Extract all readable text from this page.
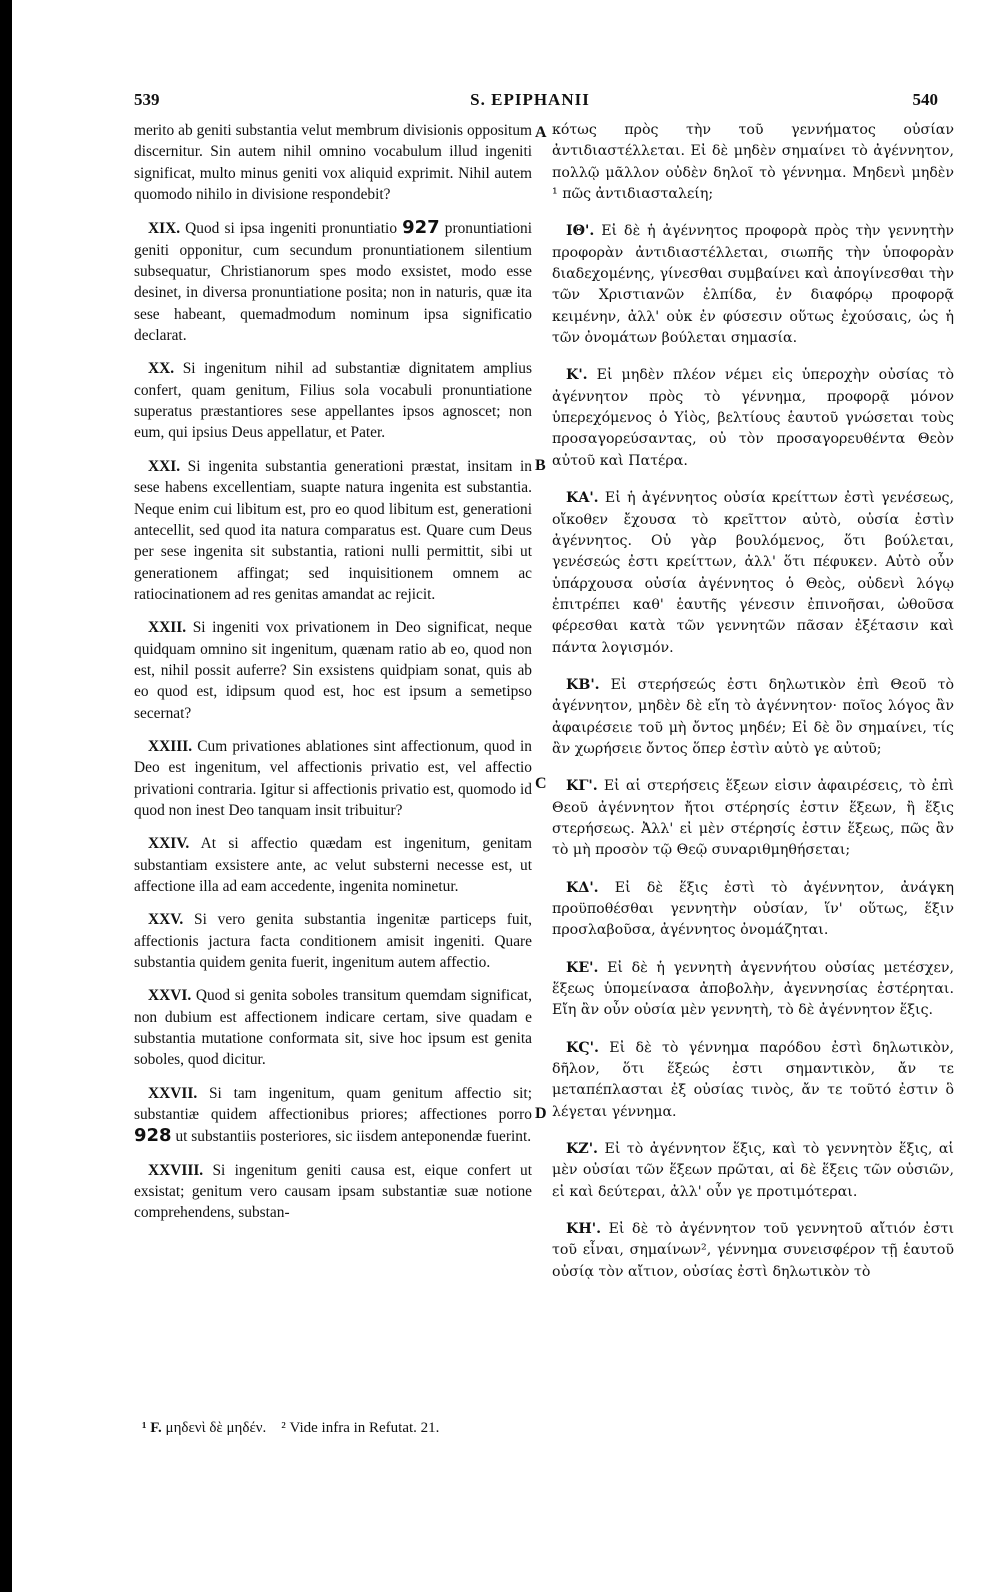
539	S. EPIPHANII	540

merito ab geniti substantia velut membrum divisionis oppositum discernitur. Sin autem nihil omnino vocabulum illud ingeniti significat, multo minus geniti vox aliquid exprimit. Nihil autem quomodo nihilo in divisione respondebit?

XIX. Quod si ipsa ingeniti pronuntiatio 927 pronuntiationi geniti opponitur, cum secundum pronuntiationem silentium subsequatur, Christianorum spes modo exsistet, modo esse desinet, in diversa pronuntiatione posita; non in naturis, quæ ita sese habeant, quemadmodum nominum ipsa significatio declarat.

XX. Si ingenitum nihil ad substantiæ dignitatem amplius confert, quam genitum, Filius sola vocabuli pronuntiatione superatus præstantiores sese appellantes ipsos agnoscet; non eum, qui ipsius Deus appellatur, et Pater.

XXI. Si ingenita substantia generationi præstat, insitam in sese habens excellentiam, suapte natura ingenita est substantia. Neque enim cui libitum est, pro eo quod libitum est, generationi antecellit, sed quod ita natura comparatus est. Quare cum Deus per sese ingenita sit substantia, rationi nulli permittit, sibi ut generationem affingat; sed inquisitionem omnem ac ratiocinationem ad res genitas amandat ac rejicit.

XXII. Si ingeniti vox privationem in Deo significat, neque quidquam omnino sit ingenitum, quænam ratio ab eo, quod non est, nihil possit auferre? Sin exsistens quidpiam sonat, quis ab eo quod est, idipsum quod est, hoc est ipsum a semetipso secernat?

XXIII. Cum privationes ablationes sint affectionum, quod in Deo est ingenitum, vel affectionis privatio est, vel affectio privationi contraria. Igitur si affectionis privatio est, quomodo id quod non inest Deo tanquam insit tribuitur?

XXIV. At si affectio quædam est ingenitum, genitam substantiam exsistere ante, ac velut substerni necesse est, ut affectione illa ad eam accedente, ingenita nominetur.

XXV. Si vero genita substantia ingenitæ particeps fuit, affectionis jactura facta conditionem amisit ingeniti. Quare substantia quidem genita fuerit, ingenitum autem affectio.

XXVI. Quod si genita soboles transitum quemdam significat, non dubium est affectionem indicare certam, sive quadam e substantia mutatione conformata sit, sive hoc ipsum est genita soboles, quod dicitur.

XXVII. Si tam ingenitum, quam genitum affectio sit; substantiæ quidem affectionibus priores; affectiones porro 928 ut substantiis posteriores, sic iisdem anteponendæ fuerint.

XXVIII. Si ingenitum geniti causa est, eique confert ut exsistat; genitum vero causam ipsam substantiæ suæ notione comprehendens, substan-

A
B
C
D

κότως πρὸς τὴν τοῦ γεννήματος οὐσίαν ἀντιδιαστέλλεται. Εἰ δὲ μηδὲν σημαίνει τὸ ἀγέννητον, πολλῷ μᾶλλον οὐδὲν δηλοῖ τὸ γέννημα. Μηδενὶ μηδὲν ¹ πῶς ἀντιδιασταλείη;

ΙΘ'. Εἰ δὲ ἡ ἀγέννητος προφορὰ πρὸς τὴν γεννητὴν προφορὰν ἀντιδιαστέλλεται, σιωπῆς τὴν ὑποφορὰν διαδεχομένης, γίνεσθαι συμβαίνει καὶ ἀπογίνεσθαι τὴν τῶν Χριστιανῶν ἐλπίδα, ἐν διαφόρῳ προφορᾷ κειμένην, ἀλλ' οὐκ ἐν φύσεσιν οὕτως ἐχούσαις, ὡς ἡ τῶν ὀνομάτων βούλεται σημασία.

Κ'. Εἰ μηδὲν πλέον νέμει εἰς ὑπεροχὴν οὐσίας τὸ ἀγέννητον πρὸς τὸ γέννημα, προφορᾷ μόνον ὑπερεχόμενος ὁ Υἱὸς, βελτίους ἑαυτοῦ γνώσεται τοὺς προσαγορεύσαντας, οὐ τὸν προσαγορευθέντα Θεὸν αὐτοῦ καὶ Πατέρα.

ΚΑ'. Εἰ ἡ ἀγέννητος οὐσία κρείττων ἐστὶ γενέσεως, οἴκοθεν ἔχουσα τὸ κρεῖττον αὐτὸ, οὐσία ἐστὶν ἀγέννητος. Οὐ γὰρ βουλόμενος, ὅτι βούλεται, γενέσεώς ἐστι κρείττων, ἀλλ' ὅτι πέφυκεν. Αὐτὸ οὖν ὑπάρχουσα οὐσία ἀγέννητος ὁ Θεὸς, οὐδενὶ λόγῳ ἐπιτρέπει καθ' ἑαυτῆς γένεσιν ἐπινοῆσαι, ὠθοῦσα φέρεσθαι κατὰ τῶν γεννητῶν πᾶσαν ἐξέτασιν καὶ πάντα λογισμόν.

ΚΒ'. Εἰ στερήσεώς ἐστι δηλωτικὸν ἐπὶ Θεοῦ τὸ ἀγέννητον, μηδὲν δὲ εἴη τὸ ἀγέννητον· ποῖος λόγος ἂν ἀφαιρέσειε τοῦ μὴ ὄντος μηδέν; Εἰ δὲ ὂν σημαίνει, τίς ἂν χωρήσειε ὄντος ὅπερ ἐστὶν αὐτὸ γε αὐτοῦ;

ΚΓ'. Εἰ αἱ στερήσεις ἕξεων εἰσιν ἀφαιρέσεις, τὸ ἐπὶ Θεοῦ ἀγέννητον ἤτοι στέρησίς ἐστιν ἕξεων, ἢ ἕξις στερήσεως. Ἀλλ' εἰ μὲν στέρησίς ἐστιν ἕξεως, πῶς ἂν τὸ μὴ προσὸν τῷ Θεῷ συναριθμηθήσεται;

ΚΔ'. Εἰ δὲ ἕξις ἐστὶ τὸ ἀγέννητον, ἀνάγκη προϋποθέσθαι γεννητὴν οὐσίαν, ἵν' οὕτως, ἕξιν προσλαβοῦσα, ἀγέννητος ὀνομάζηται.

ΚΕ'. Εἰ δὲ ἡ γεννητὴ ἀγεννήτου οὐσίας μετέσχεν, ἕξεως ὑπομείνασα ἀποβολὴν, ἀγεννησίας ἐστέρηται. Εἴη ἂν οὖν οὐσία μὲν γεννητὴ, τὸ δὲ ἀγέννητον ἕξις.

ΚϚ'. Εἰ δὲ τὸ γέννημα παρόδου ἐστὶ δηλωτικὸν, δῆλον, ὅτι ἕξεώς ἐστι σημαντικὸν, ἄν τε μεταπέπλασται ἐξ οὐσίας τινὸς, ἄν τε τοῦτό ἐστιν ὃ λέγεται γέννημα.

ΚΖ'. Εἰ τὸ ἀγέννητον ἕξις, καὶ τὸ γεννητὸν ἕξις, αἱ μὲν οὐσίαι τῶν ἕξεων πρῶται, αἱ δὲ ἕξεις τῶν οὐσιῶν, εἰ καὶ δεύτεραι, ἀλλ' οὖν γε προτιμότεραι.

ΚΗ'. Εἰ δὲ τὸ ἀγέννητον τοῦ γεννητοῦ αἴτιόν ἐστι τοῦ εἶναι, σημαίνων², γέννημα συνεισφέρον τῇ ἑαυτοῦ οὐσίᾳ τὸν αἴτιον, οὐσίας ἐστὶ δηλωτικὸν τὸ

¹ F. μηδενὶ δὲ μηδέν. ² Vide infra in Refutat. 21.
